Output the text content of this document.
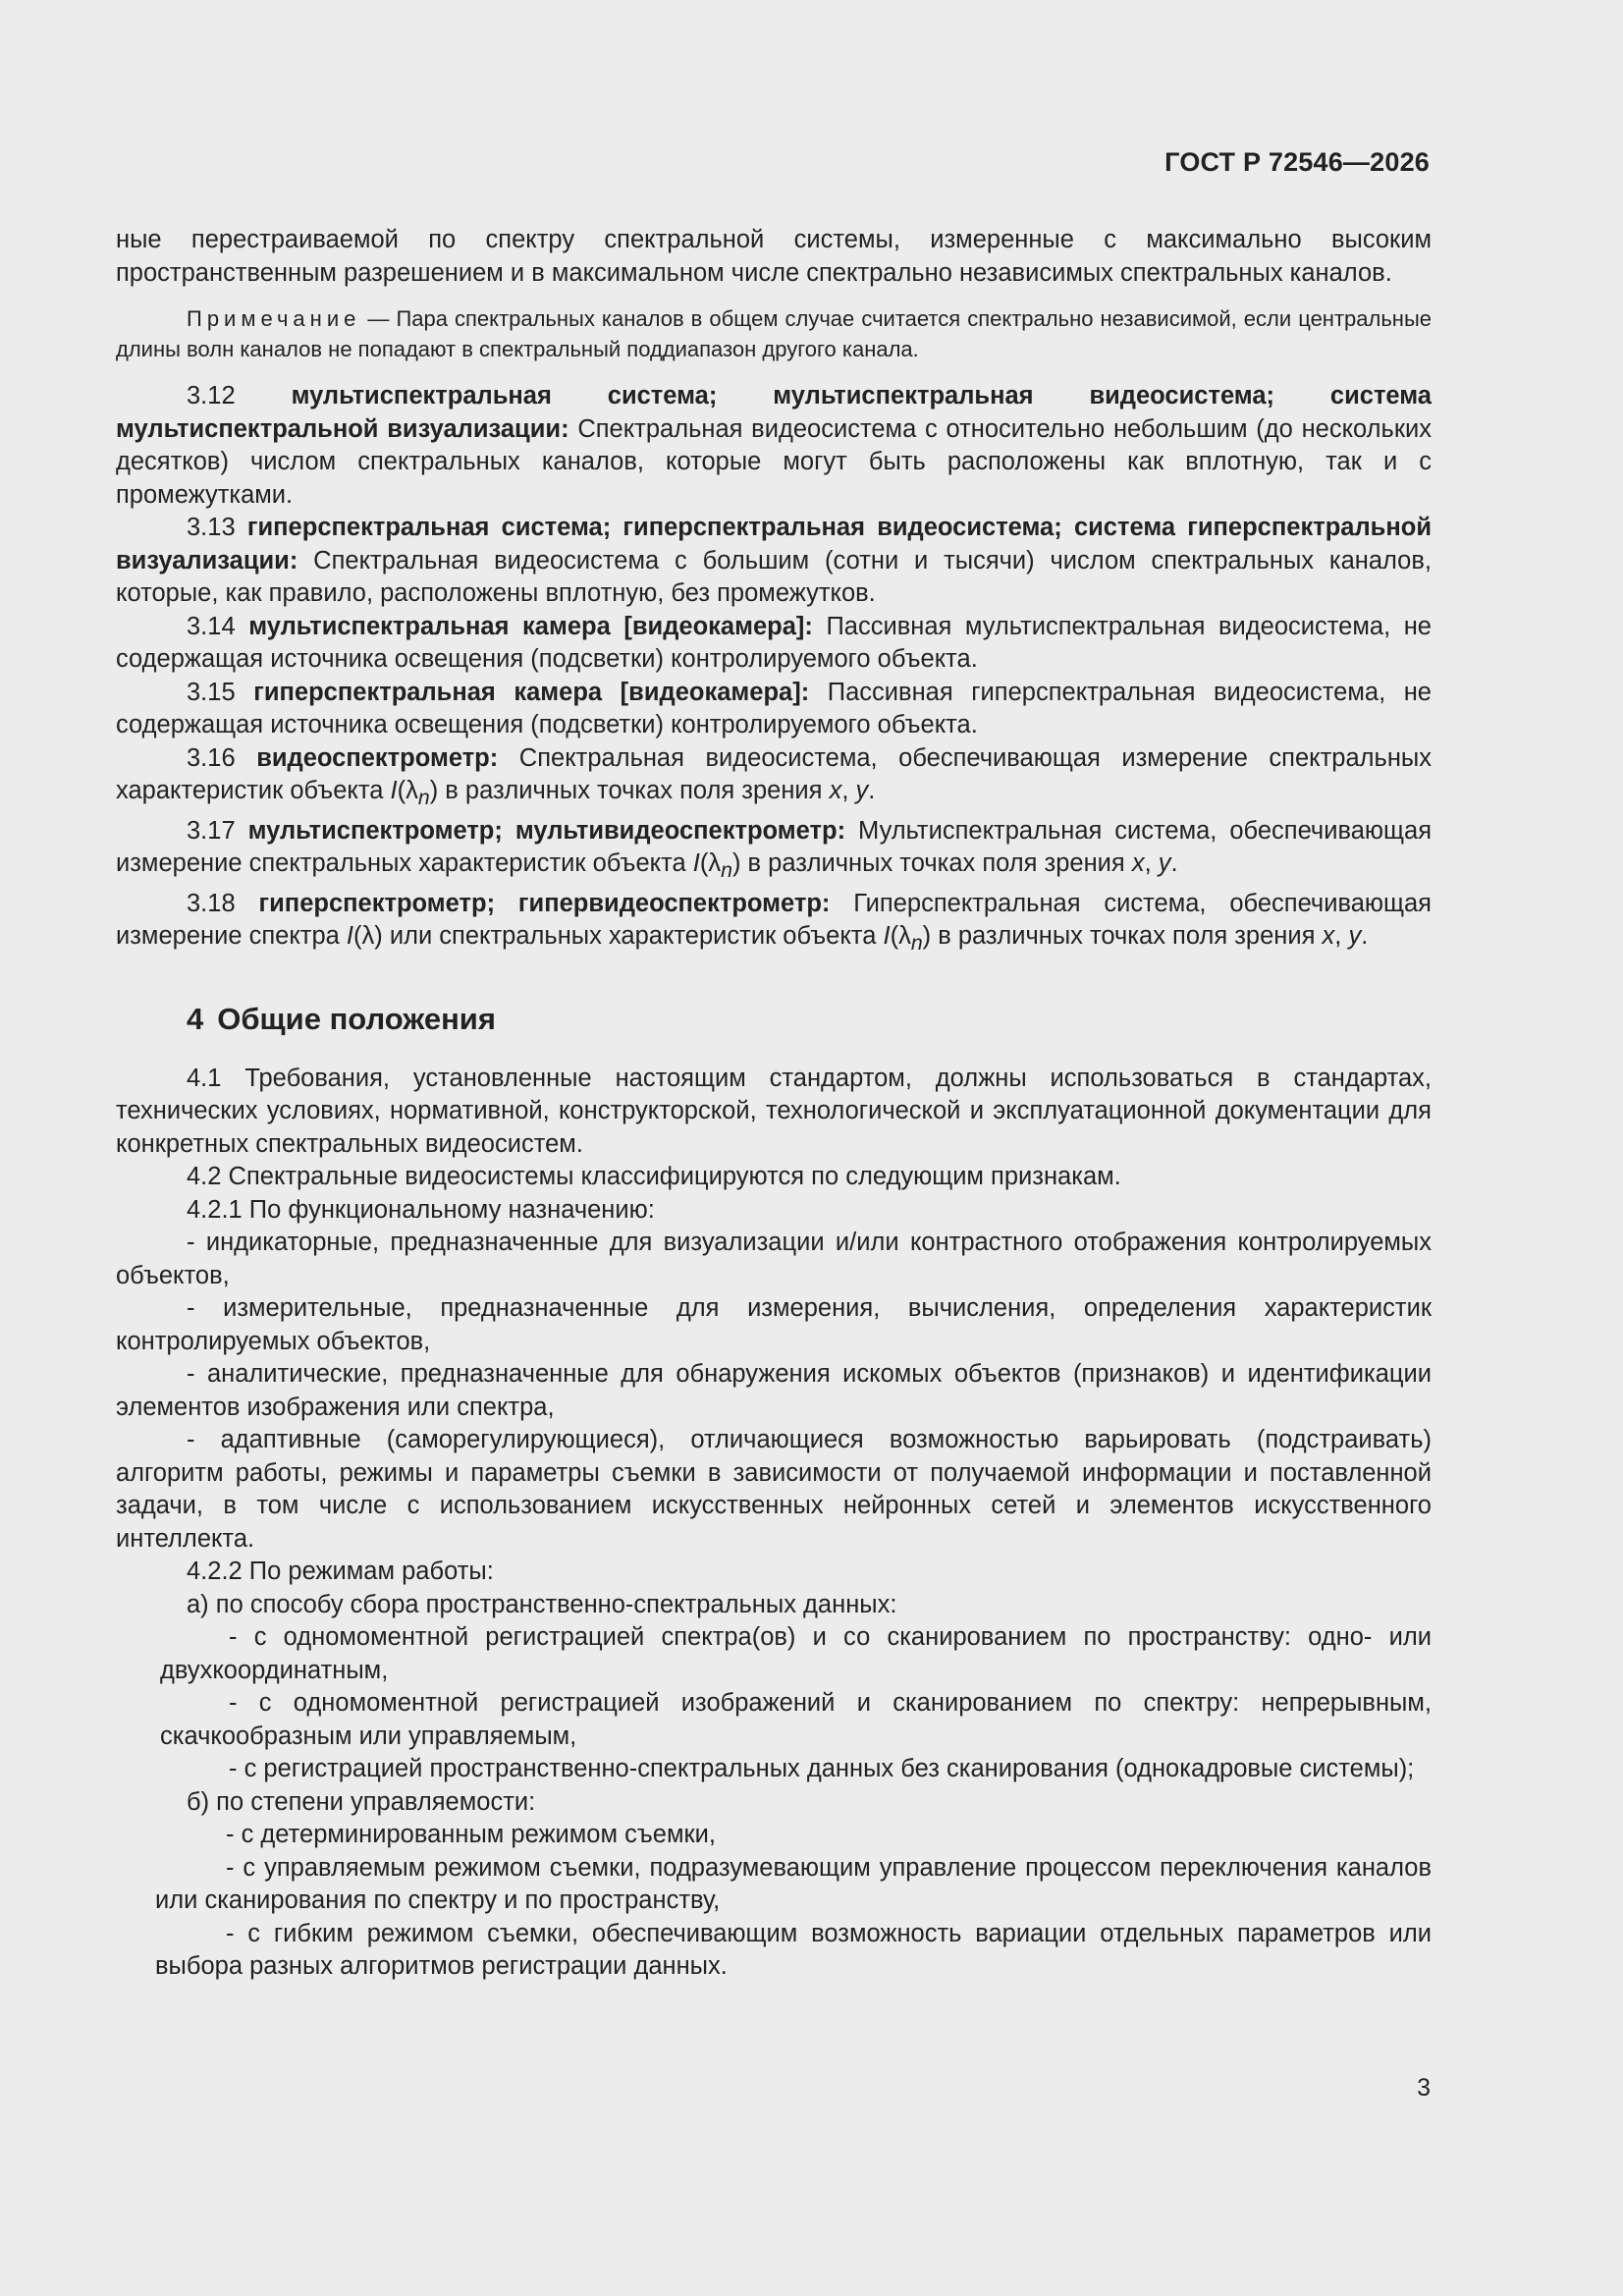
ГОСТ Р 72546—2026

ные перестраиваемой по спектру спектральной системы, измеренные с максимально высоким пространственным разрешением и в максимальном числе спектрально независимых спектральных каналов.

Примечание — Пара спектральных каналов в общем случае считается спектрально независимой, если центральные длины волн каналов не попадают в спектральный поддиапазон другого канала.

3.12 мультиспектральная система; мультиспектральная видеосистема; система мультиспектральной визуализации: Спектральная видеосистема с относительно небольшим (до нескольких десятков) числом спектральных каналов, которые могут быть расположены как вплотную, так и с промежутками.

3.13 гиперспектральная система; гиперспектральная видеосистема; система гиперспектральной визуализации: Спектральная видеосистема с большим (сотни и тысячи) числом спектральных каналов, которые, как правило, расположены вплотную, без промежутков.

3.14 мультиспектральная камера [видеокамера]: Пассивная мультиспектральная видеосистема, не содержащая источника освещения (подсветки) контролируемого объекта.

3.15 гиперспектральная камера [видеокамера]: Пассивная гиперспектральная видеосистема, не содержащая источника освещения (подсветки) контролируемого объекта.

3.16 видеоспектрометр: Спектральная видеосистема, обеспечивающая измерение спектральных характеристик объекта $I(\lambda_n)$ в различных точках поля зрения x, y.

3.17 мультиспектрометр; мультивидеоспектрометр: Мультиспектральная система, обеспечивающая измерение спектральных характеристик объекта $I(\lambda_n)$ в различных точках поля зрения x, y.

3.18 гиперспектрометр; гипервидеоспектрометр: Гиперспектральная система, обеспечивающая измерение спектра I(λ) или спектральных характеристик объекта $I(\lambda_n)$ в различных точках поля зрения x, y.

4 Общие положения

4.1 Требования, установленные настоящим стандартом, должны использоваться в стандартах, технических условиях, нормативной, конструкторской, технологической и эксплуатационной документации для конкретных спектральных видеосистем.

4.2 Спектральные видеосистемы классифицируются по следующим признакам.

4.2.1 По функциональному назначению:

- индикаторные, предназначенные для визуализации и/или контрастного отображения контролируемых объектов,

- измерительные, предназначенные для измерения, вычисления, определения характеристик контролируемых объектов,

- аналитические, предназначенные для обнаружения искомых объектов (признаков) и идентификации элементов изображения или спектра,

- адаптивные (саморегулирующиеся), отличающиеся возможностью варьировать (подстраивать) алгоритм работы, режимы и параметры съемки в зависимости от получаемой информации и поставленной задачи, в том числе с использованием искусственных нейронных сетей и элементов искусственного интеллекта.

4.2.2 По режимам работы:

а) по способу сбора пространственно-спектральных данных:

- с одномоментной регистрацией спектра(ов) и со сканированием по пространству: одно- или двухкоординатным,

- с одномоментной регистрацией изображений и сканированием по спектру: непрерывным, скачкообразным или управляемым,

- с регистрацией пространственно-спектральных данных без сканирования (однокадровые системы);

б) по степени управляемости:

- с детерминированным режимом съемки,

- с управляемым режимом съемки, подразумевающим управление процессом переключения каналов или сканирования по спектру и по пространству,

- с гибким режимом съемки, обеспечивающим возможность вариации отдельных параметров или выбора разных алгоритмов регистрации данных.

3
